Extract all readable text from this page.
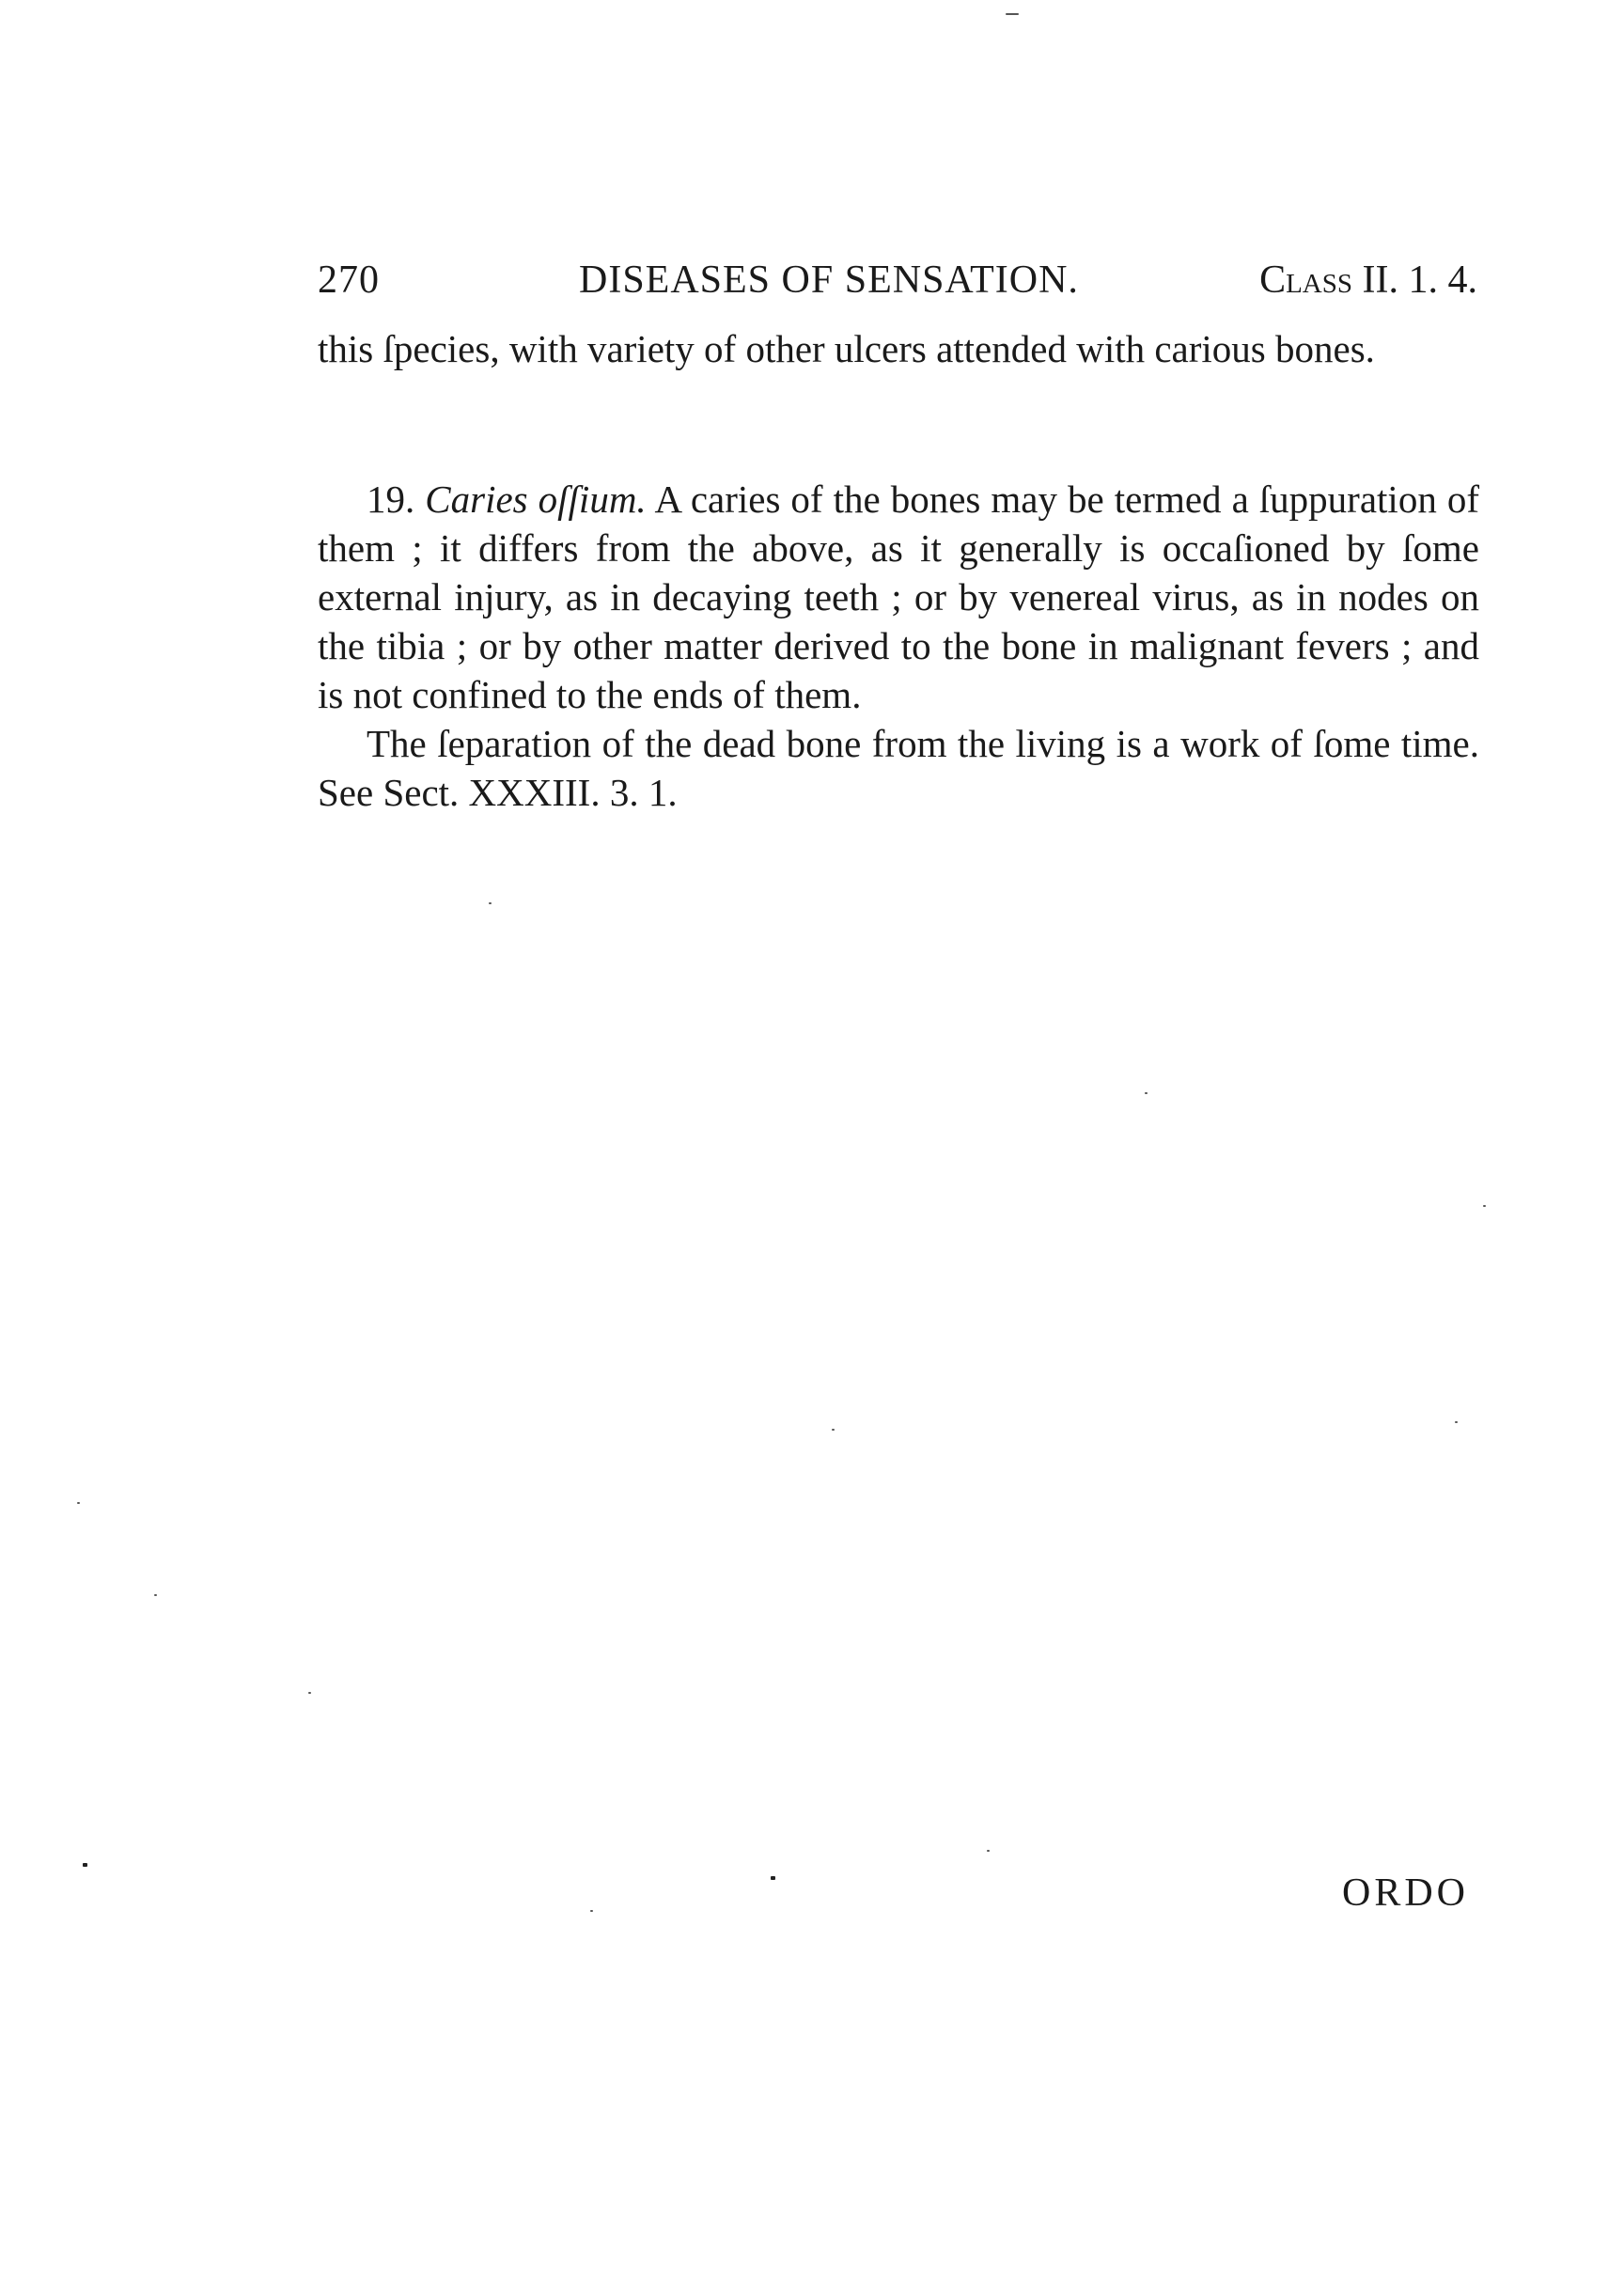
270	DISEASES OF SENSATION.	Class II. 1. 4.

this ſpecies, with variety of other ulcers attended with carious bones.

19. Caries oſſium. A caries of the bones may be termed a ſuppuration of them ; it differs from the above, as it generally is occaſioned by ſome external injury, as in decaying teeth ; or by venereal virus, as in nodes on the tibia ; or by other matter derived to the bone in malignant fevers ; and is not confined to the ends of them.

The ſeparation of the dead bone from the living is a work of ſome time. See Sect. XXXIII. 3. 1.

ORDO
